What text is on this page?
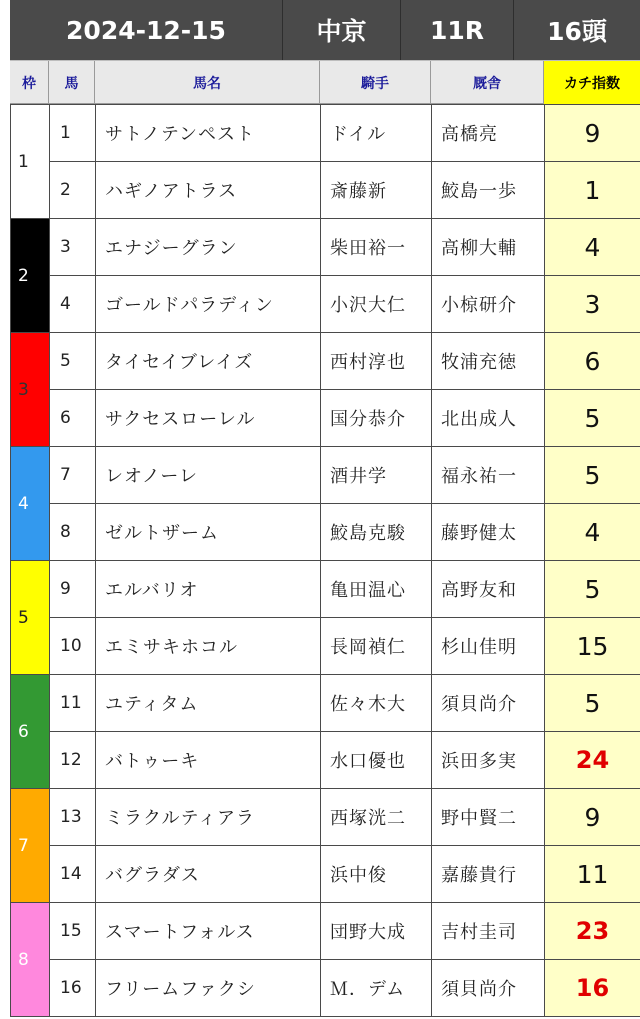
2024-12-15	中京	11R	16頭
枠	馬	馬名	騎手	厩舎	カチ指数
1	1	サトノテンペスト	ドイル	高橋亮	9
	2	ハギノアトラス	斎藤新	鮫島一歩	1
2	3	エナジーグラン	柴田裕一	高柳大輔	4
	4	ゴールドパラディン	小沢大仁	小椋研介	3
3	5	タイセイブレイズ	西村淳也	牧浦充徳	6
	6	サクセスローレル	国分恭介	北出成人	5
4	7	レオノーレ	酒井学	福永祐一	5
	8	ゼルトザーム	鮫島克駿	藤野健太	4
5	9	エルバリオ	亀田温心	高野友和	5
	10	エミサキホコル	長岡禎仁	杉山佳明	15
6	11	ユティタム	佐々木大	須貝尚介	5
	12	バトゥーキ	水口優也	浜田多実	24
7	13	ミラクルティアラ	西塚洸二	野中賢二	9
	14	バグラダス	浜中俊	嘉藤貴行	11
8	15	スマートフォルス	団野大成	吉村圭司	23
	16	フリームファクシ	Ｍ．デム	須貝尚介	16
